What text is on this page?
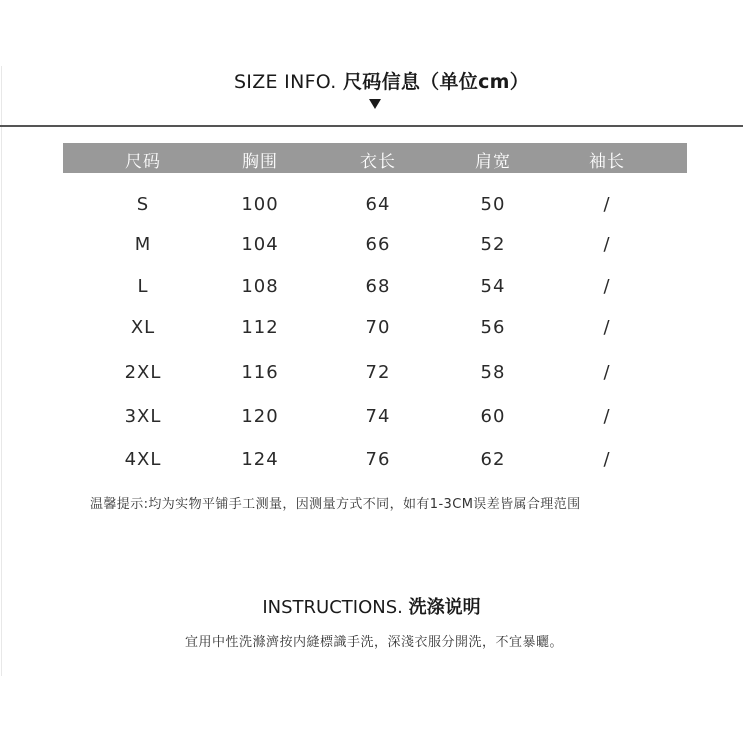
SIZE INFO. 尺码信息（单位cm）
尺码	胸围	衣长	肩宽	袖长
S	100	64	50	/
M	104	66	52	/
L	108	68	54	/
XL	112	70	56	/
2XL	116	72	58	/
3XL	120	74	60	/
4XL	124	76	62	/
温馨提示:均为实物平铺手工测量，因测量方式不同，如有1-3CM误差皆属合理范围
INSTRUCTIONS. 洗涤说明
宜用中性洗滌濟按内縫標識手洗，深淺衣服分開洗，不宜暴曬。
